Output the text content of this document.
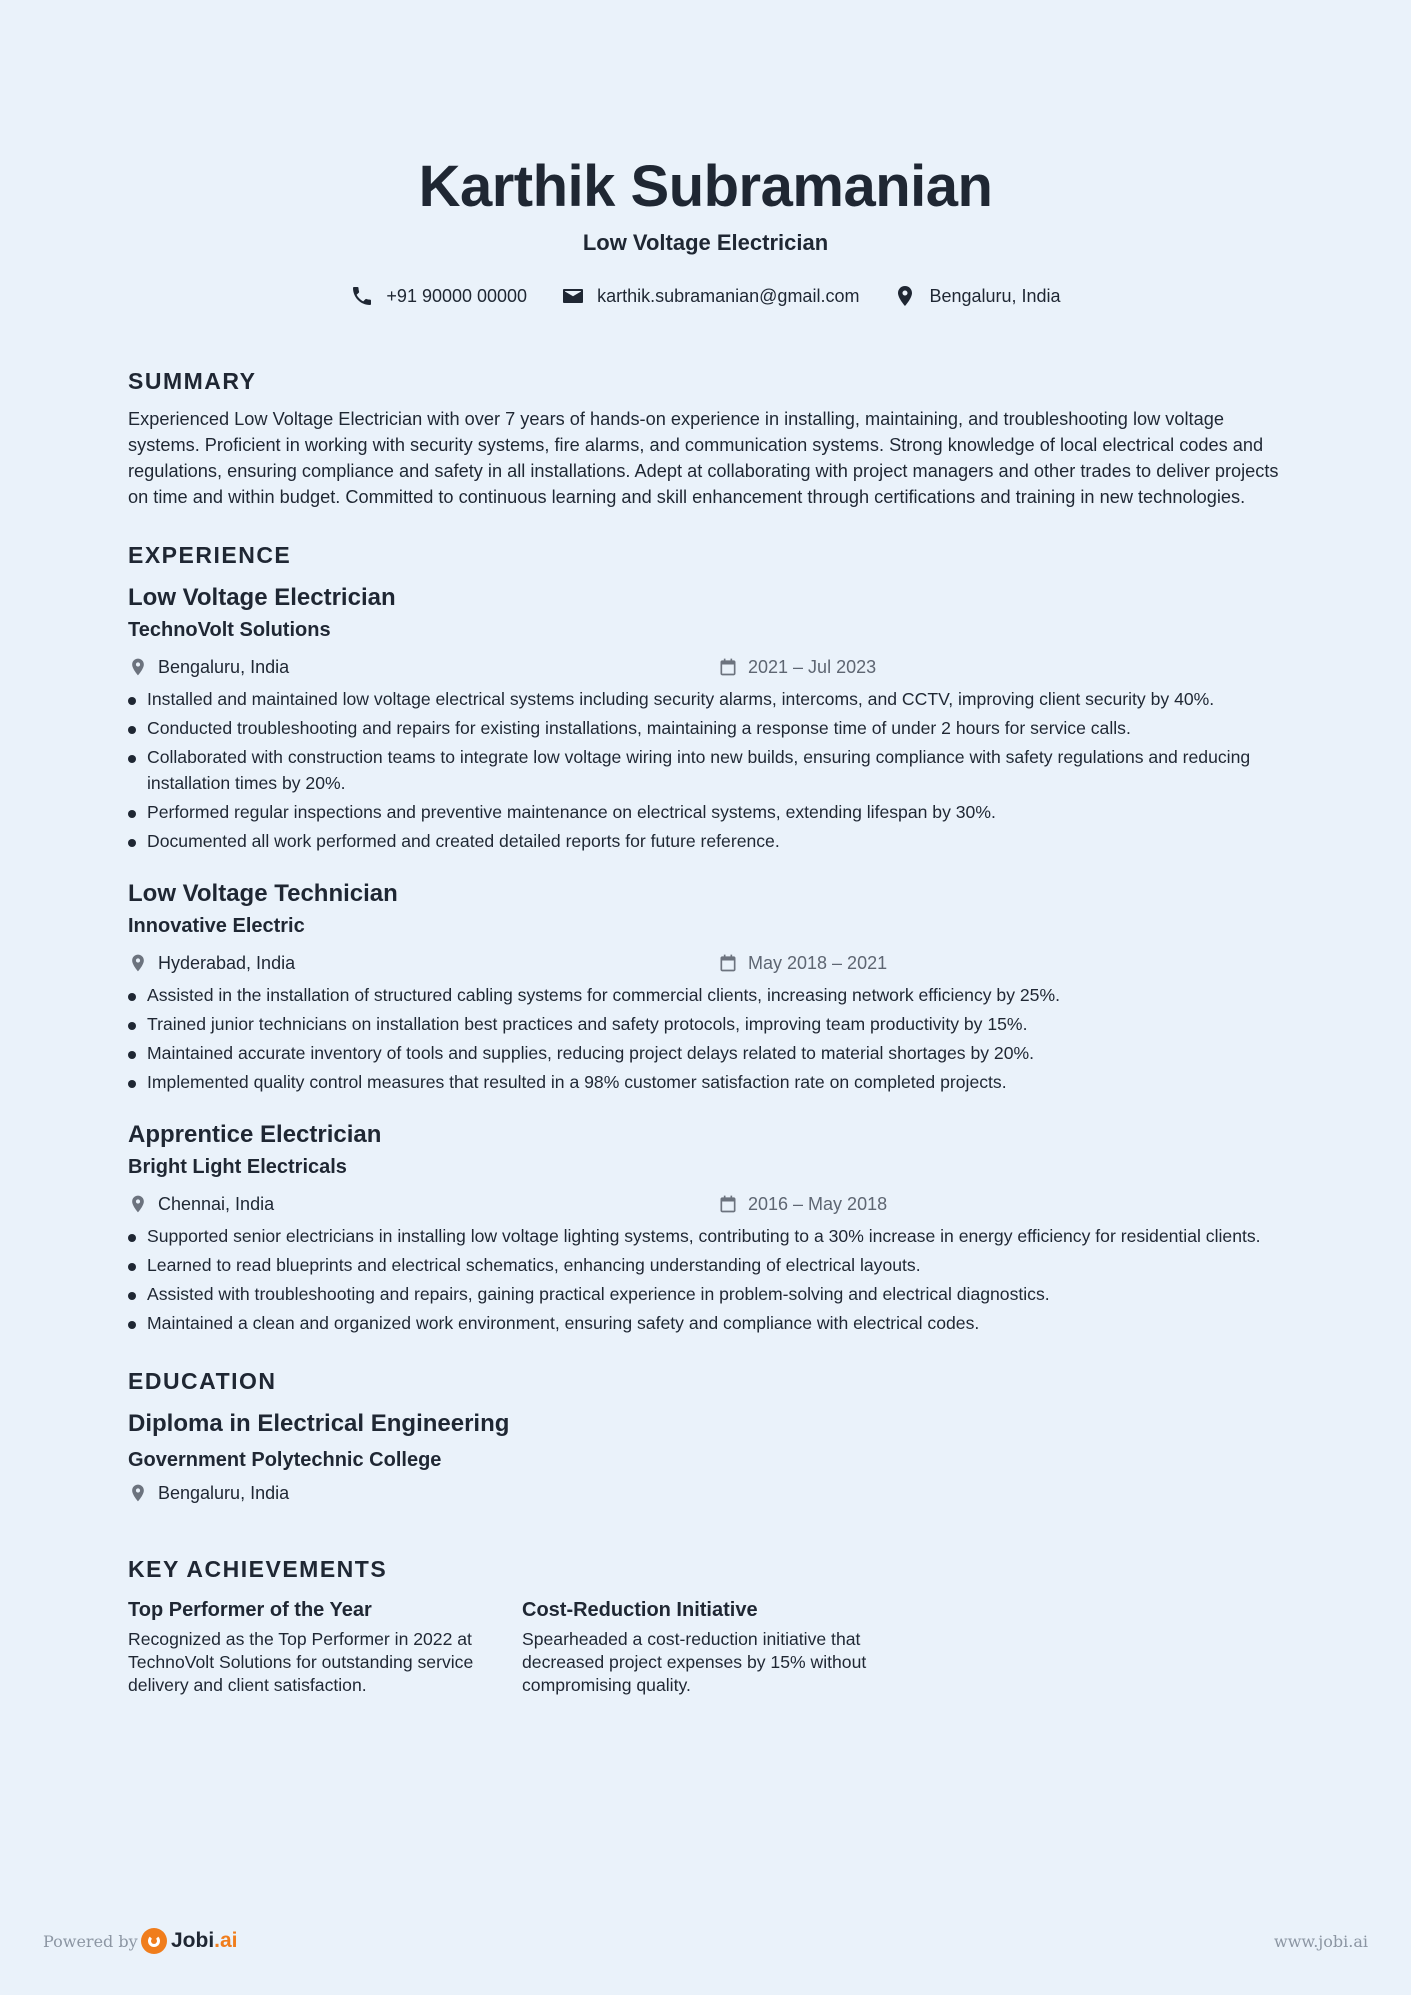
Karthik Subramanian
Low Voltage Electrician
+91 90000 00000	karthik.subramanian@gmail.com	Bengaluru, India
SUMMARY

Experienced Low Voltage Electrician with over 7 years of hands-on experience in installing, maintaining, and troubleshooting low voltage systems. Proficient in working with security systems, fire alarms, and communication systems. Strong knowledge of local electrical codes and regulations, ensuring compliance and safety in all installations. Adept at collaborating with project managers and other trades to deliver projects on time and within budget. Committed to continuous learning and skill enhancement through certifications and training in new technologies.

EXPERIENCE
Low Voltage Electrician
TechnoVolt Solutions
Bengaluru, India	2021 – Jul 2023
Installed and maintained low voltage electrical systems including security alarms, intercoms, and CCTV, improving client security by 40%.
Conducted troubleshooting and repairs for existing installations, maintaining a response time of under 2 hours for service calls.
Collaborated with construction teams to integrate low voltage wiring into new builds, ensuring compliance with safety regulations and reducing installation times by 20%.
Performed regular inspections and preventive maintenance on electrical systems, extending lifespan by 30%.
Documented all work performed and created detailed reports for future reference.
Low Voltage Technician
Innovative Electric
Hyderabad, India	May 2018 – 2021
Assisted in the installation of structured cabling systems for commercial clients, increasing network efficiency by 25%.
Trained junior technicians on installation best practices and safety protocols, improving team productivity by 15%.
Maintained accurate inventory of tools and supplies, reducing project delays related to material shortages by 20%.
Implemented quality control measures that resulted in a 98% customer satisfaction rate on completed projects.
Apprentice Electrician
Bright Light Electricals
Chennai, India	2016 – May 2018
Supported senior electricians in installing low voltage lighting systems, contributing to a 30% increase in energy efficiency for residential clients.
Learned to read blueprints and electrical schematics, enhancing understanding of electrical layouts.
Assisted with troubleshooting and repairs, gaining practical experience in problem-solving and electrical diagnostics.
Maintained a clean and organized work environment, ensuring safety and compliance with electrical codes.
EDUCATION
Diploma in Electrical Engineering
Government Polytechnic College
Bengaluru, India
KEY ACHIEVEMENTS
Top Performer of the Year
Recognized as the Top Performer in 2022 at TechnoVolt Solutions for outstanding service delivery and client satisfaction.
Cost-Reduction Initiative
Spearheaded a cost-reduction initiative that decreased project expenses by 15% without compromising quality.
Powered by Jobi.ai	www.jobi.ai
